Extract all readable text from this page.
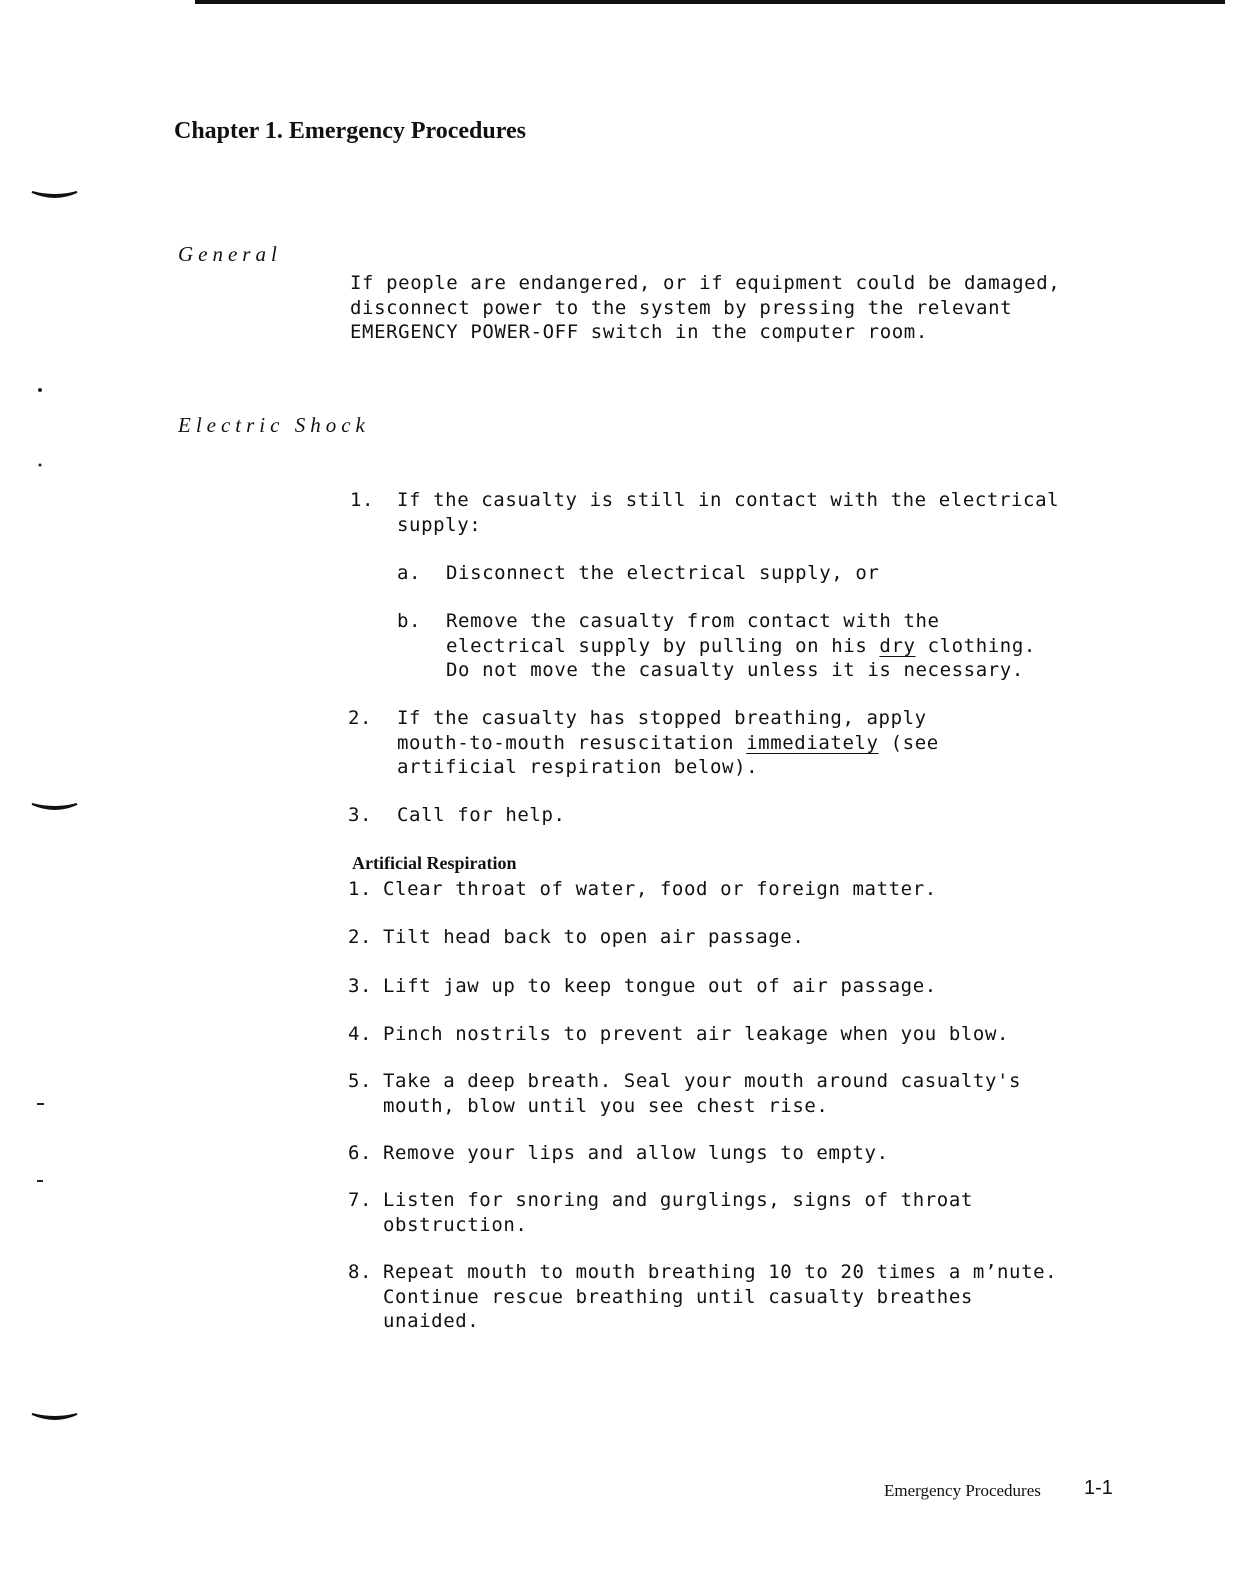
Chapter 1. Emergency Procedures
General
If people are endangered, or if equipment could be damaged,
disconnect power to the system by pressing the relevant
EMERGENCY POWER-OFF switch in the computer room.
Electric Shock
1. If the casualty is still in contact with the electrical
supply:
a. Disconnect the electrical supply, or
b. Remove the casualty from contact with the
electrical supply by pulling on his dry clothing.
Do not move the casualty unless it is necessary.
2. If the casualty has stopped breathing, apply
mouth-to-mouth resuscitation immediately (see
artificial respiration below).
3. Call for help.
Artificial Respiration
1. Clear throat of water, food or foreign matter.
2. Tilt head back to open air passage.
3. Lift jaw up to keep tongue out of air passage.
4. Pinch nostrils to prevent air leakage when you blow.
5. Take a deep breath. Seal your mouth around casualty's
mouth, blow until you see chest rise.
6. Remove your lips and allow lungs to empty.
7. Listen for snoring and gurglings, signs of throat
obstruction.
8. Repeat mouth to mouth breathing 10 to 20 times a m’nute.
Continue rescue breathing until casualty breathes
unaided.
Emergency Procedures 1-1
